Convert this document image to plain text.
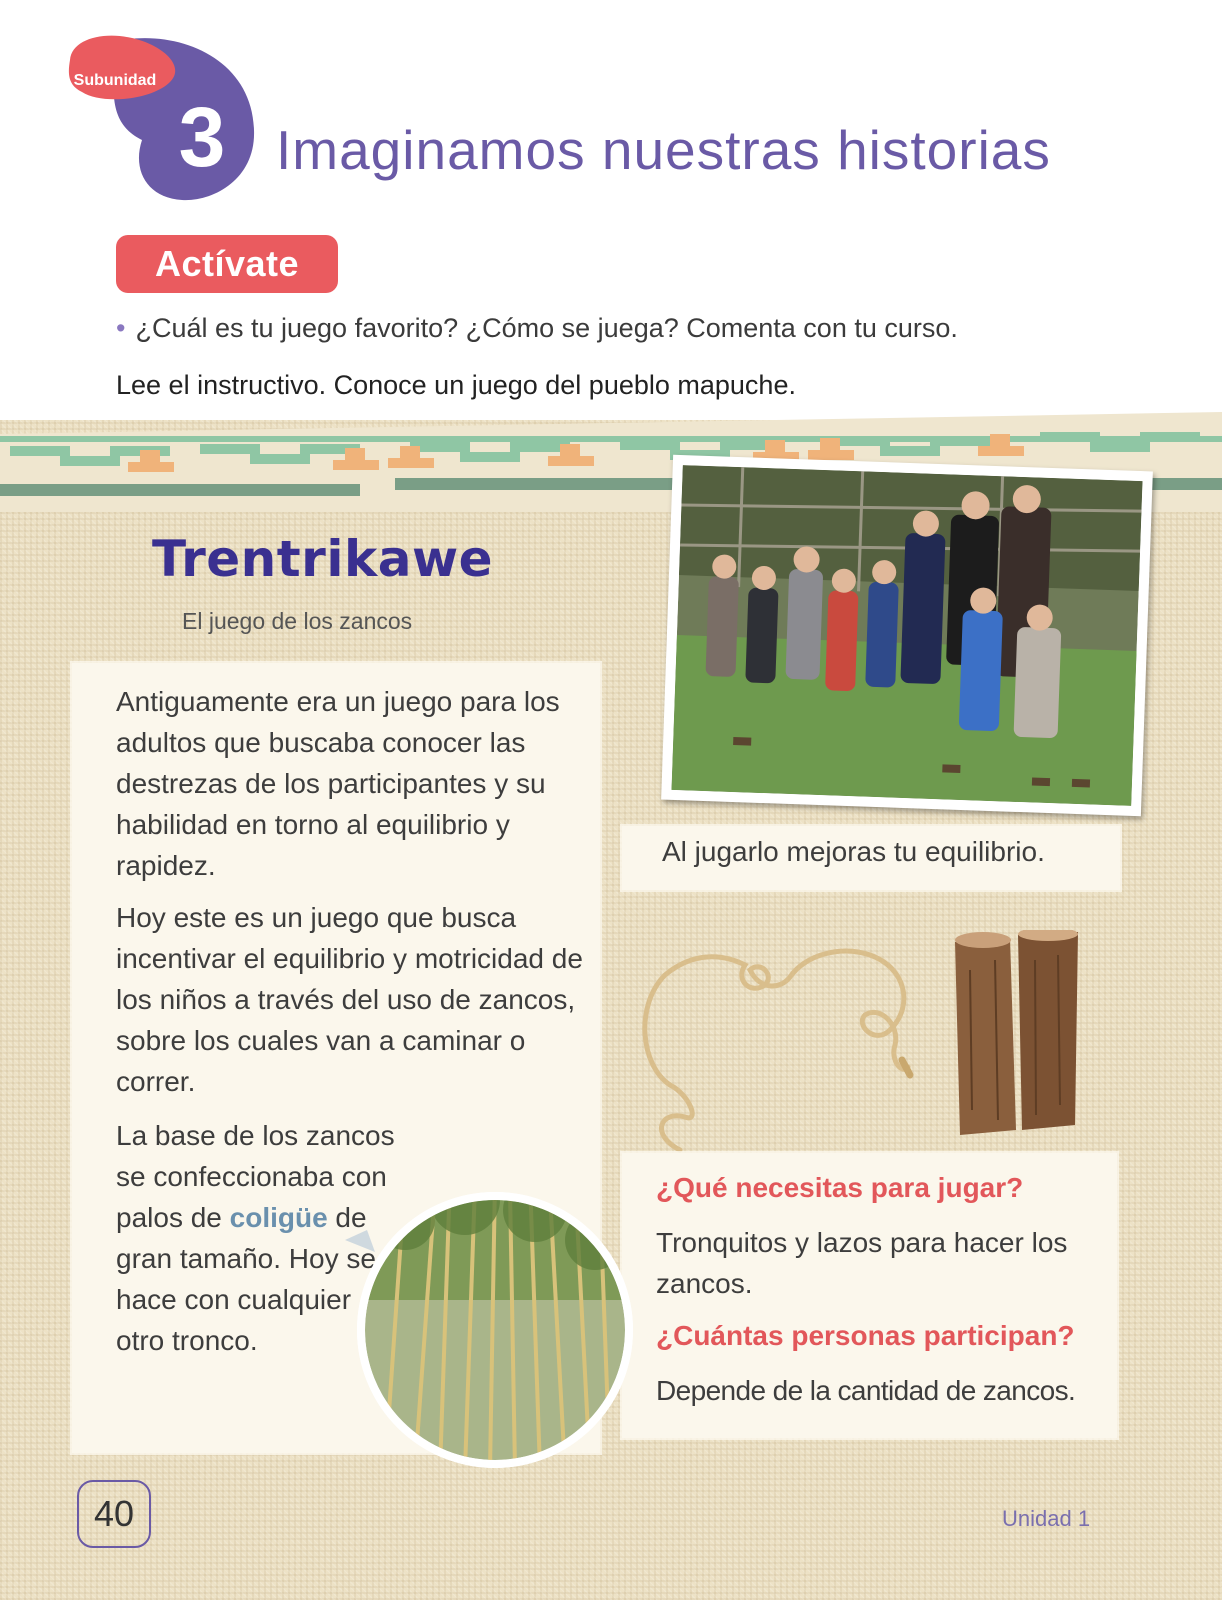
Subunidad
3 Imaginamos nuestras historias
Actívate
• ¿Cuál es tu juego favorito? ¿Cómo se juega? Comenta con tu curso.
Lee el instructivo. Conoce un juego del pueblo mapuche.
Trentrikawe
El juego de los zancos

Antiguamente era un juego para los adultos que buscaba conocer las destrezas de los participantes y su habilidad en torno al equilibrio y rapidez.

Hoy este es un juego que busca incentivar el equilibrio y motricidad de los niños a través del uso de zancos, sobre los cuales van a caminar o correr.

La base de los zancos se confeccionaba con palos de coligüe de gran tamaño. Hoy se hace con cualquier otro tronco.

Al jugarlo mejoras tu equilibrio.
¿Qué necesitas para jugar?

Tronquitos y lazos para hacer los zancos.

¿Cuántas personas participan?

Depende de la cantidad de zancos.

40	Unidad 1
